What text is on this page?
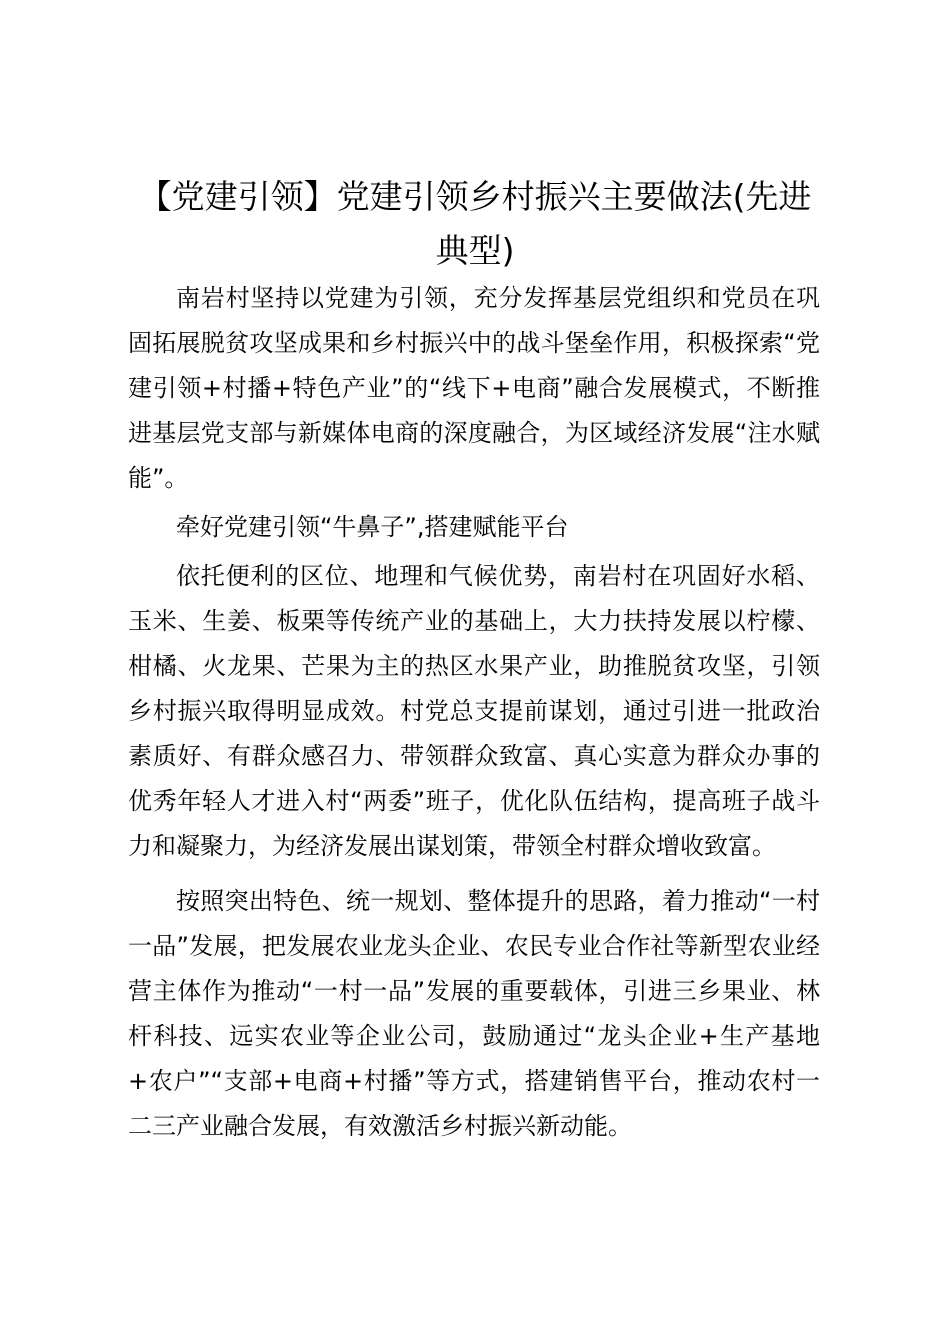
【党建引领】党建引领乡村振兴主要做法(先进典型)

南岩村坚持以党建为引领，充分发挥基层党组织和党员在巩固拓展脱贫攻坚成果和乡村振兴中的战斗堡垒作用，积极探索“党建引领+村播+特色产业”的“线下+电商”融合发展模式，不断推进基层党支部与新媒体电商的深度融合，为区域经济发展“注水赋能”。

牵好党建引领“牛鼻子”,搭建赋能平台

依托便利的区位、地理和气候优势，南岩村在巩固好水稻、玉米、生姜、板栗等传统产业的基础上，大力扶持发展以柠檬、柑橘、火龙果、芒果为主的热区水果产业，助推脱贫攻坚，引领乡村振兴取得明显成效。村党总支提前谋划，通过引进一批政治素质好、有群众感召力、带领群众致富、真心实意为群众办事的优秀年轻人才进入村“两委”班子，优化队伍结构，提高班子战斗力和凝聚力，为经济发展出谋划策，带领全村群众增收致富。

按照突出特色、统一规划、整体提升的思路，着力推动“一村一品”发展，把发展农业龙头企业、农民专业合作社等新型农业经营主体作为推动“一村一品”发展的重要载体，引进三乡果业、林杆科技、远实农业等企业公司，鼓励通过“龙头企业+生产基地+农户”“支部+电商+村播”等方式，搭建销售平台，推动农村一二三产业融合发展，有效激活乡村振兴新动能。
